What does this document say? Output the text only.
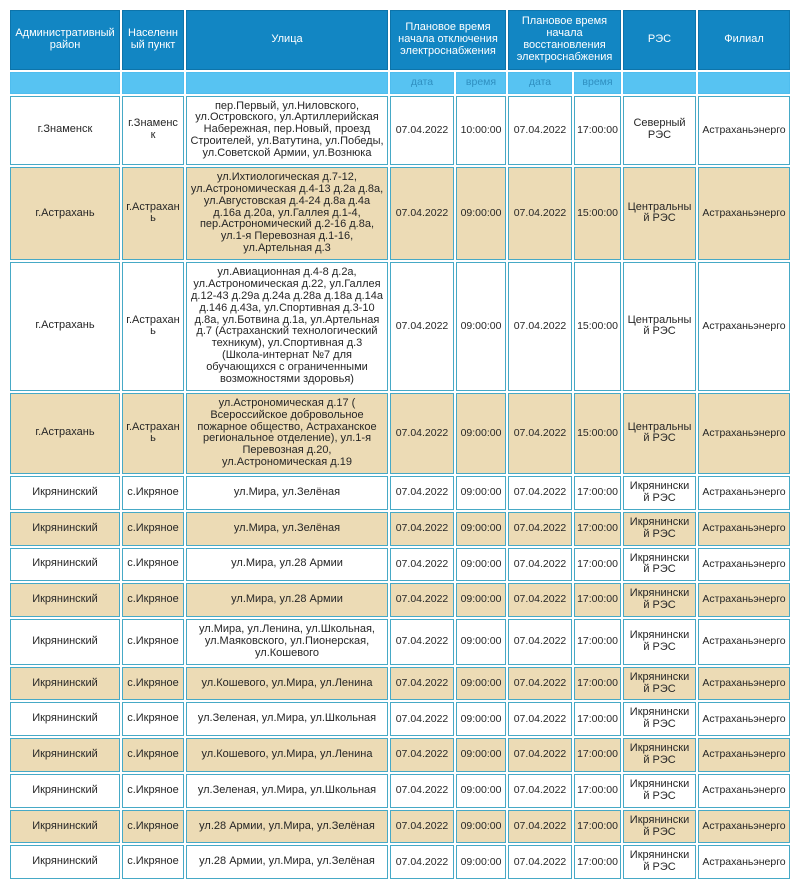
Административный район	Населенный пункт	Улица	Плановое время начала отключения электроснабжения		Плановое время начала восстановления электроснабжения		РЭС	Филиал
			дата	время	дата	время		
г.Знаменск	г.Знаменск	пер.Первый, ул.Ниловского, ул.Островского, ул.Артиллерийская Набережная, пер.Новый, проезд Строителей, ул.Ватутина, ул.Победы, ул.Советской Армии, ул.Вознюка	07.04.2022	10:00:00	07.04.2022	17:00:00	Северный РЭС	Астраханьэнерго
г.Астрахань	г.Астрахань	ул.Ихтиологическая д.7-12, ул.Астрономическая д.4-13 д.2а д.8а, ул.Августовская д.4-24 д.8а д.4а д.16а д.20а, ул.Галлея д.1-4, пер.Астрономический д.2-16 д.8а, ул.1-я Перевозная д.1-16, ул.Артельная д.3	07.04.2022	09:00:00	07.04.2022	15:00:00	Центральный РЭС	Астраханьэнерго
г.Астрахань	г.Астрахань	ул.Авиационная д.4-8 д.2а, ул.Астрономическая д.22, ул.Галлея д.12-43 д.29а д.24а д.28а д.18а д.14а д.146 д.43а, ул.Спортивная д.3-10 д.8а, ул.Ботвина д.1а, ул.Артельная д.7 (Астраханский технологический техникум), ул.Спортивная д.3 (Школа-интернат №7 для обучающихся с ограниченными возможностями здоровья)	07.04.2022	09:00:00	07.04.2022	15:00:00	Центральный РЭС	Астраханьэнерго
г.Астрахань	г.Астрахань	ул.Астрономическая д.17 ( Всероссийское добровольное пожарное общество, Астраханское региональное отделение), ул.1-я Перевозная д.20, ул.Астрономическая д.19	07.04.2022	09:00:00	07.04.2022	15:00:00	Центральный РЭС	Астраханьэнерго
Икрянинский	с.Икряное	ул.Мира, ул.Зелёная	07.04.2022	09:00:00	07.04.2022	17:00:00	Икрянинский РЭС	Астраханьэнерго
Икрянинский	с.Икряное	ул.Мира, ул.Зелёная	07.04.2022	09:00:00	07.04.2022	17:00:00	Икрянинский РЭС	Астраханьэнерго
Икрянинский	с.Икряное	ул.Мира, ул.28 Армии	07.04.2022	09:00:00	07.04.2022	17:00:00	Икрянинский РЭС	Астраханьэнерго
Икрянинский	с.Икряное	ул.Мира, ул.28 Армии	07.04.2022	09:00:00	07.04.2022	17:00:00	Икрянинский РЭС	Астраханьэнерго
Икрянинский	с.Икряное	ул.Мира, ул.Ленина, ул.Школьная, ул.Маяковского, ул.Пионерская, ул.Кошевого	07.04.2022	09:00:00	07.04.2022	17:00:00	Икрянинский РЭС	Астраханьэнерго
Икрянинский	с.Икряное	ул.Кошевого, ул.Мира, ул.Ленина	07.04.2022	09:00:00	07.04.2022	17:00:00	Икрянинский РЭС	Астраханьэнерго
Икрянинский	с.Икряное	ул.Зеленая, ул.Мира, ул.Школьная	07.04.2022	09:00:00	07.04.2022	17:00:00	Икрянинский РЭС	Астраханьэнерго
Икрянинский	с.Икряное	ул.Кошевого, ул.Мира, ул.Ленина	07.04.2022	09:00:00	07.04.2022	17:00:00	Икрянинский РЭС	Астраханьэнерго
Икрянинский	с.Икряное	ул.Зеленая, ул.Мира, ул.Школьная	07.04.2022	09:00:00	07.04.2022	17:00:00	Икрянинский РЭС	Астраханьэнерго
Икрянинский	с.Икряное	ул.28 Армии, ул.Мира, ул.Зелёная	07.04.2022	09:00:00	07.04.2022	17:00:00	Икрянинский РЭС	Астраханьэнерго
Икрянинский	с.Икряное	ул.28 Армии, ул.Мира, ул.Зелёная	07.04.2022	09:00:00	07.04.2022	17:00:00	Икрянинский РЭС	Астраханьэнерго
